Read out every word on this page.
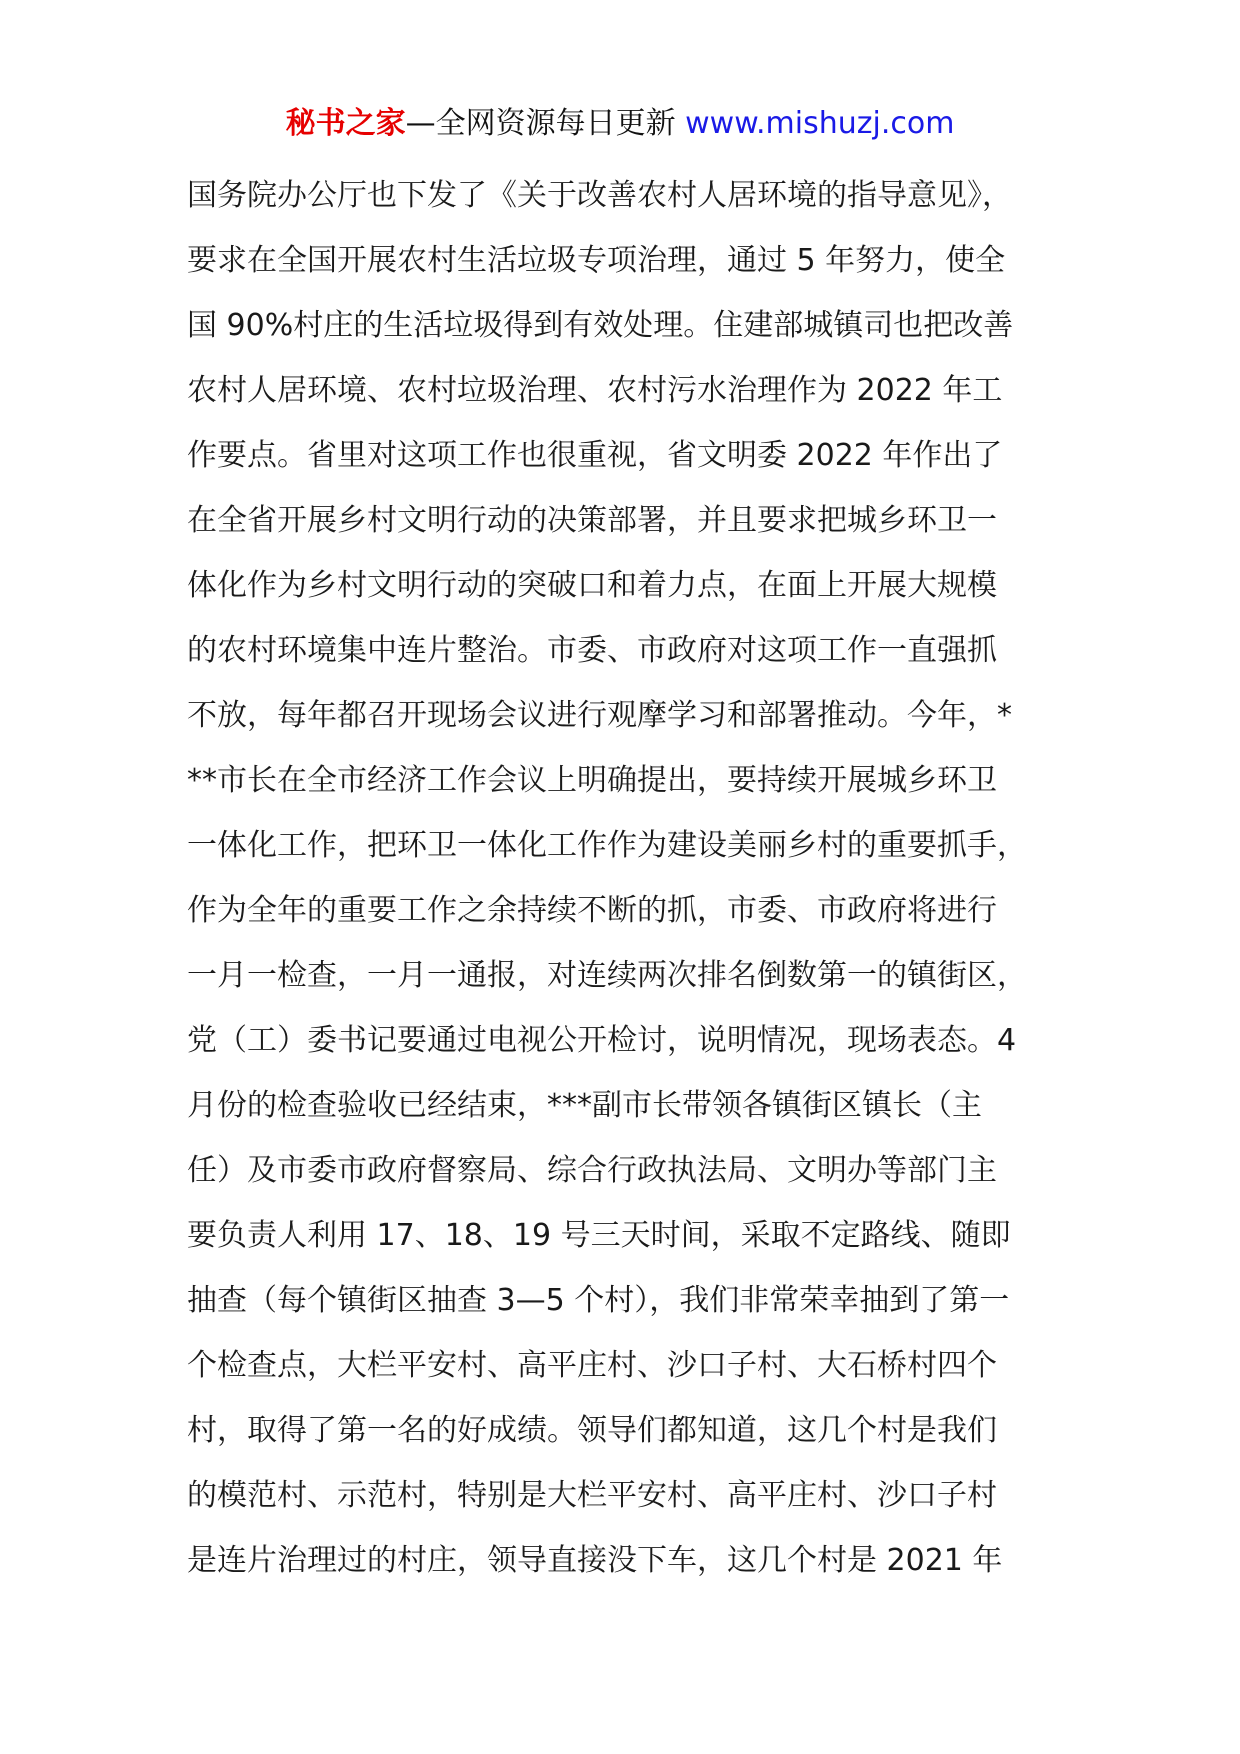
秘书之家—全网资源每日更新 www.mishuzj.com
国务院办公厅也下发了《关于改善农村人居环境的指导意见》，
要求在全国开展农村生活垃圾专项治理，通过 5 年努力，使全
国 90%村庄的生活垃圾得到有效处理。住建部城镇司也把改善
农村人居环境、农村垃圾治理、农村污水治理作为 2022 年工
作要点。省里对这项工作也很重视，省文明委 2022 年作出了
在全省开展乡村文明行动的决策部署，并且要求把城乡环卫一
体化作为乡村文明行动的突破口和着力点，在面上开展大规模
的农村环境集中连片整治。市委、市政府对这项工作一直强抓
不放，每年都召开现场会议进行观摩学习和部署推动。今年，*
**市长在全市经济工作会议上明确提出，要持续开展城乡环卫
一体化工作，把环卫一体化工作作为建设美丽乡村的重要抓手，
作为全年的重要工作之余持续不断的抓，市委、市政府将进行
一月一检查，一月一通报，对连续两次排名倒数第一的镇街区，
党（工）委书记要通过电视公开检讨，说明情况，现场表态。4
月份的检查验收已经结束，***副市长带领各镇街区镇长（主
任）及市委市政府督察局、综合行政执法局、文明办等部门主
要负责人利用 17、18、19 号三天时间，采取不定路线、随即
抽查（每个镇街区抽查 3—5 个村），我们非常荣幸抽到了第一
个检查点，大栏平安村、高平庄村、沙口子村、大石桥村四个
村，取得了第一名的好成绩。领导们都知道，这几个村是我们
的模范村、示范村，特别是大栏平安村、高平庄村、沙口子村
是连片治理过的村庄，领导直接没下车，这几个村是 2021 年
